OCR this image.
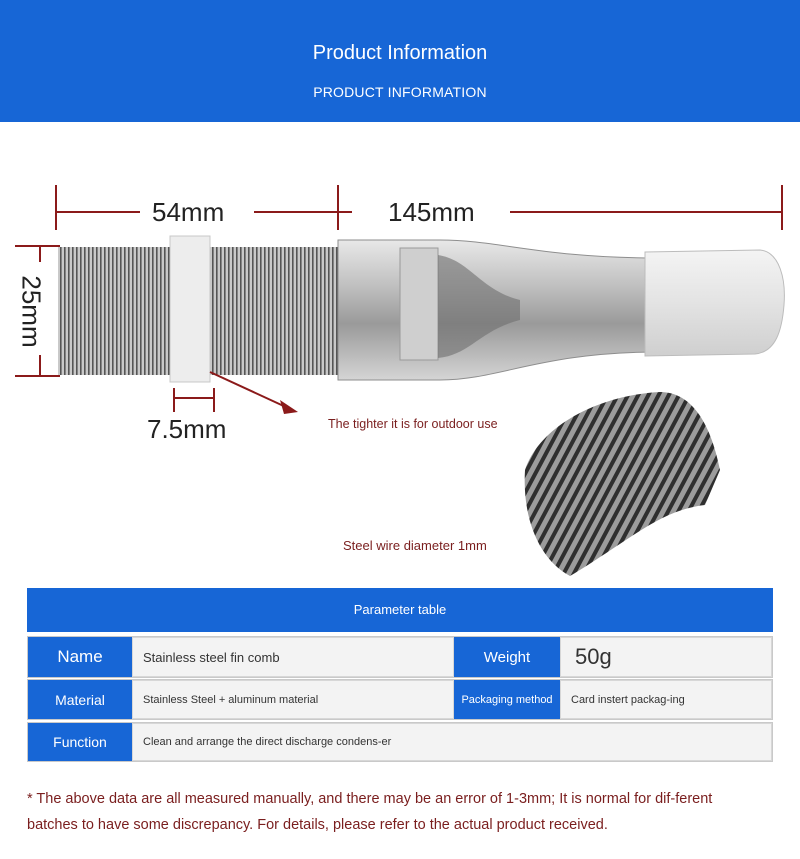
Product Information
PRODUCT INFORMATION
54mm	145mm
25mm
7.5mm	The tighter it is for outdoor use
Steel wire diameter 1mm
Parameter table
Name	Stainless steel fin comb	Weight	50g
Material	Stainless Steel + aluminum material	Packaging method	Card instert packag-ing
Function	Clean and arrange the direct discharge condens-er
* The above data are all measured manually, and there may be an error of 1-3mm; It is normal for dif-ferent batches to have some discrepancy. For details, please refer to the actual product received.
